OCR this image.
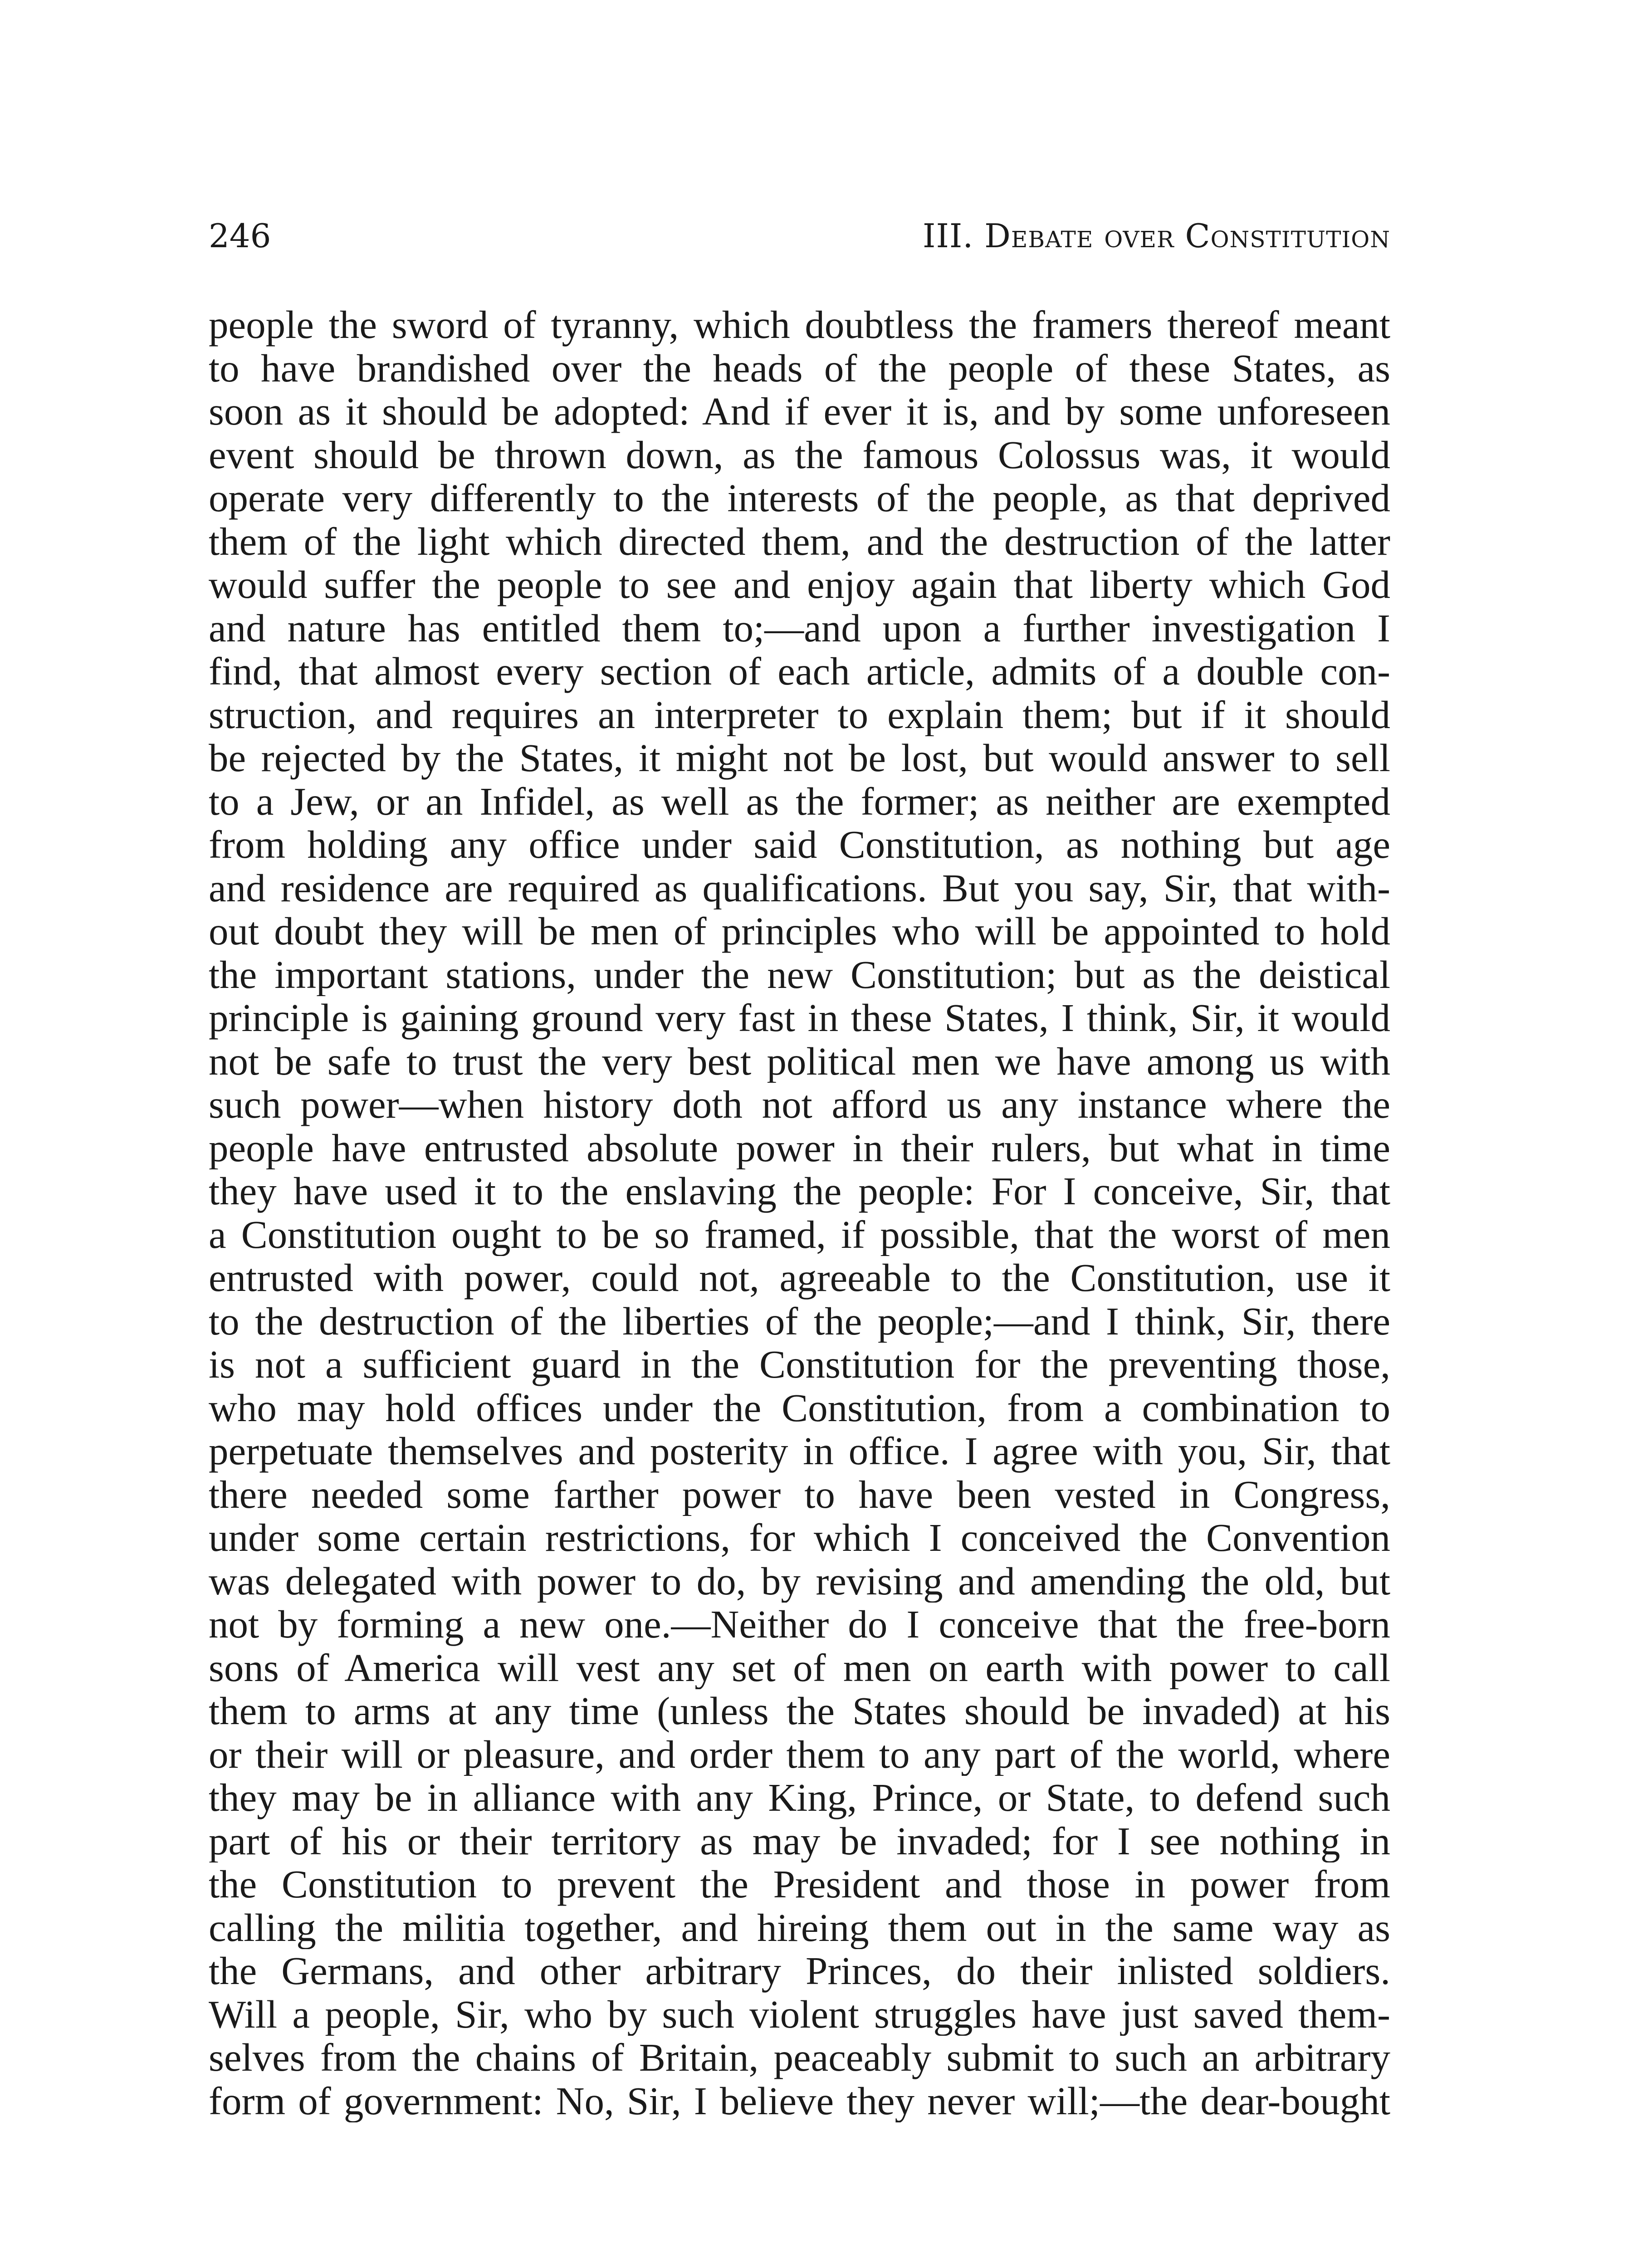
246	III. Debate over Constitution
people the sword of tyranny, which doubtless the framers thereof meant
to have brandished over the heads of the people of these States, as
soon as it should be adopted: And if ever it is, and by some unforeseen
event should be thrown down, as the famous Colossus was, it would
operate very differently to the interests of the people, as that deprived
them of the light which directed them, and the destruction of the latter
would suffer the people to see and enjoy again that liberty which God
and nature has entitled them to;—and upon a further investigation I
find, that almost every section of each article, admits of a double con-
struction, and requires an interpreter to explain them; but if it should
be rejected by the States, it might not be lost, but would answer to sell
to a Jew, or an Infidel, as well as the former; as neither are exempted
from holding any office under said Constitution, as nothing but age
and residence are required as qualifications. But you say, Sir, that with-
out doubt they will be men of principles who will be appointed to hold
the important stations, under the new Constitution; but as the deistical
principle is gaining ground very fast in these States, I think, Sir, it would
not be safe to trust the very best political men we have among us with
such power—when history doth not afford us any instance where the
people have entrusted absolute power in their rulers, but what in time
they have used it to the enslaving the people: For I conceive, Sir, that
a Constitution ought to be so framed, if possible, that the worst of men
entrusted with power, could not, agreeable to the Constitution, use it
to the destruction of the liberties of the people;—and I think, Sir, there
is not a sufficient guard in the Constitution for the preventing those,
who may hold offices under the Constitution, from a combination to
perpetuate themselves and posterity in office. I agree with you, Sir, that
there needed some farther power to have been vested in Congress,
under some certain restrictions, for which I conceived the Convention
was delegated with power to do, by revising and amending the old, but
not by forming a new one.—Neither do I conceive that the free-born
sons of America will vest any set of men on earth with power to call
them to arms at any time (unless the States should be invaded) at his
or their will or pleasure, and order them to any part of the world, where
they may be in alliance with any King, Prince, or State, to defend such
part of his or their territory as may be invaded; for I see nothing in
the Constitution to prevent the President and those in power from
calling the militia together, and hireing them out in the same way as
the Germans, and other arbitrary Princes, do their inlisted soldiers.
Will a people, Sir, who by such violent struggles have just saved them-
selves from the chains of Britain, peaceably submit to such an arbitrary
form of government: No, Sir, I believe they never will;—the dear-bought
